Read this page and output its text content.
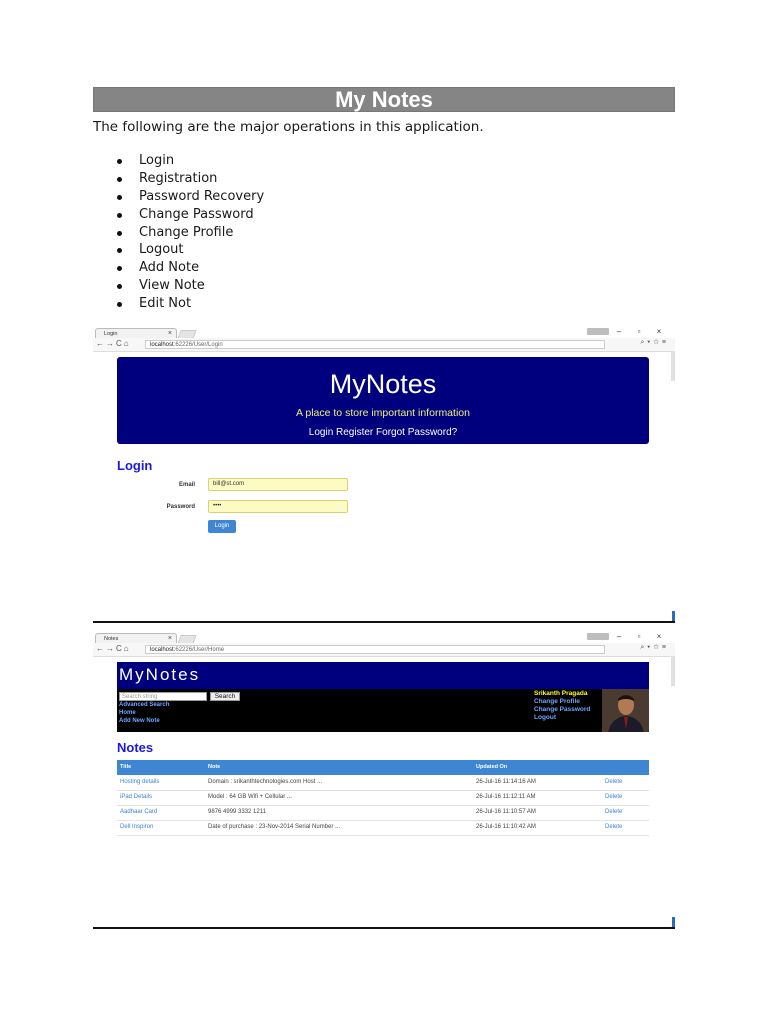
My Notes
The following are the major operations in this application.
Login
Registration
Password Recovery
Change Password
Change Profile
Logout
Add Note
View Note
Edit Not
Login	×	– ▫ ×
←→C⌂	localhost:62226/User/Login	⌕▾☆≡
MyNotes
A place to store important information
Login Register Forgot Password?
Login
Email	bill@st.com
Password	••••
Login
Notes	×	– ▫ ×
←→C⌂	localhost:62226/User/Home	⌕▾☆≡
MyNotes
Search string	Search
Advanced Search
Home
Add New Note
Srikanth Pragada
Change Profile
Change Password
Logout
Notes
Title	Note	Updated On
Hosting details	Domain : srikanthtechnologies.com Host ...	26-Jul-16 11:14:16 AM	Delete
iPad Details	Model : 64 GB Wifi + Cellular ...	26-Jul-16 11:12:11 AM	Delete
Aadhaar Card	9876 4999 3332 1211	26-Jul-16 11:10:57 AM	Delete
Dell Inspiron	Date of purchase : 23-Nov-2014 Serial Number ...	26-Jul-16 11:10:42 AM	Delete
